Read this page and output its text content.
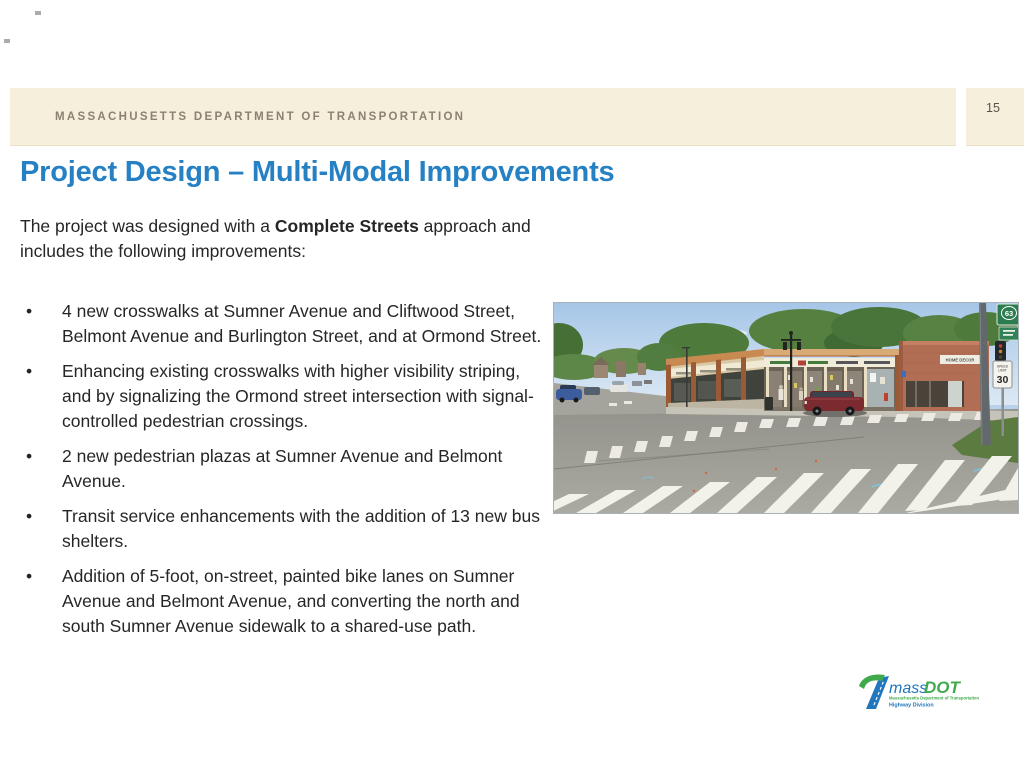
MASSACHUSETTS DEPARTMENT OF TRANSPORTATION
15
Project Design – Multi-Modal Improvements

The project was designed with a Complete Streets approach and includes the following improvements:

• 4 new crosswalks at Sumner Avenue and Cliftwood Street, Belmont Avenue and Burlington Street, and at Ormond Street.
• Enhancing existing crosswalks with higher visibility striping, and by signalizing the Ormond street intersection with signal-controlled pedestrian crossings.
• 2 new pedestrian plazas at Sumner Avenue and Belmont Avenue.
• Transit service enhancements with the addition of 13 new bus shelters.
• Addition of 5-foot, on-street, painted bike lanes on Sumner Avenue and Belmont Avenue, and converting the north and south Sumner Avenue sidewalk to a shared-use path.
HOME DECOR
63
SPEED
LIMIT
30
mass
DOT
Massachusetts Department of Transportation
Highway Division
